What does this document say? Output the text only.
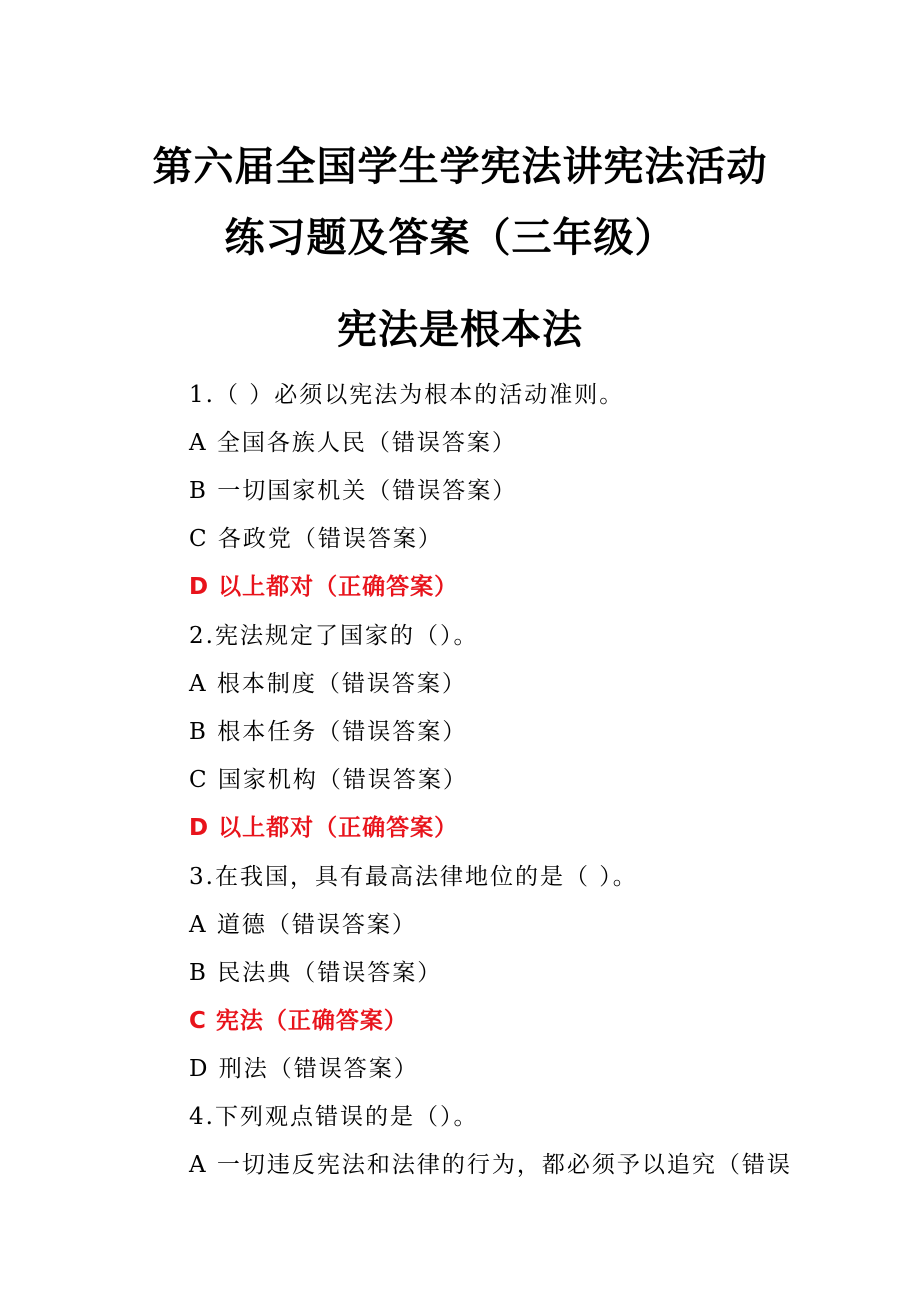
第六届全国学生学宪法讲宪法活动
练习题及答案（三年级）
宪法是根本法

1.（ ）必须以宪法为根本的活动准则。

A 全国各族人民（错误答案）

B 一切国家机关（错误答案）

C 各政党（错误答案）

D 以上都对（正确答案）

2.宪法规定了国家的（）。

A 根本制度（错误答案）

B 根本任务（错误答案）

C 国家机构（错误答案）

D 以上都对（正确答案）

3.在我国，具有最高法律地位的是（ ）。

A 道德（错误答案）

B 民法典（错误答案）

C 宪法（正确答案）

D 刑法（错误答案）

4.下列观点错误的是（）。

A 一切违反宪法和法律的行为，都必须予以追究（错误
